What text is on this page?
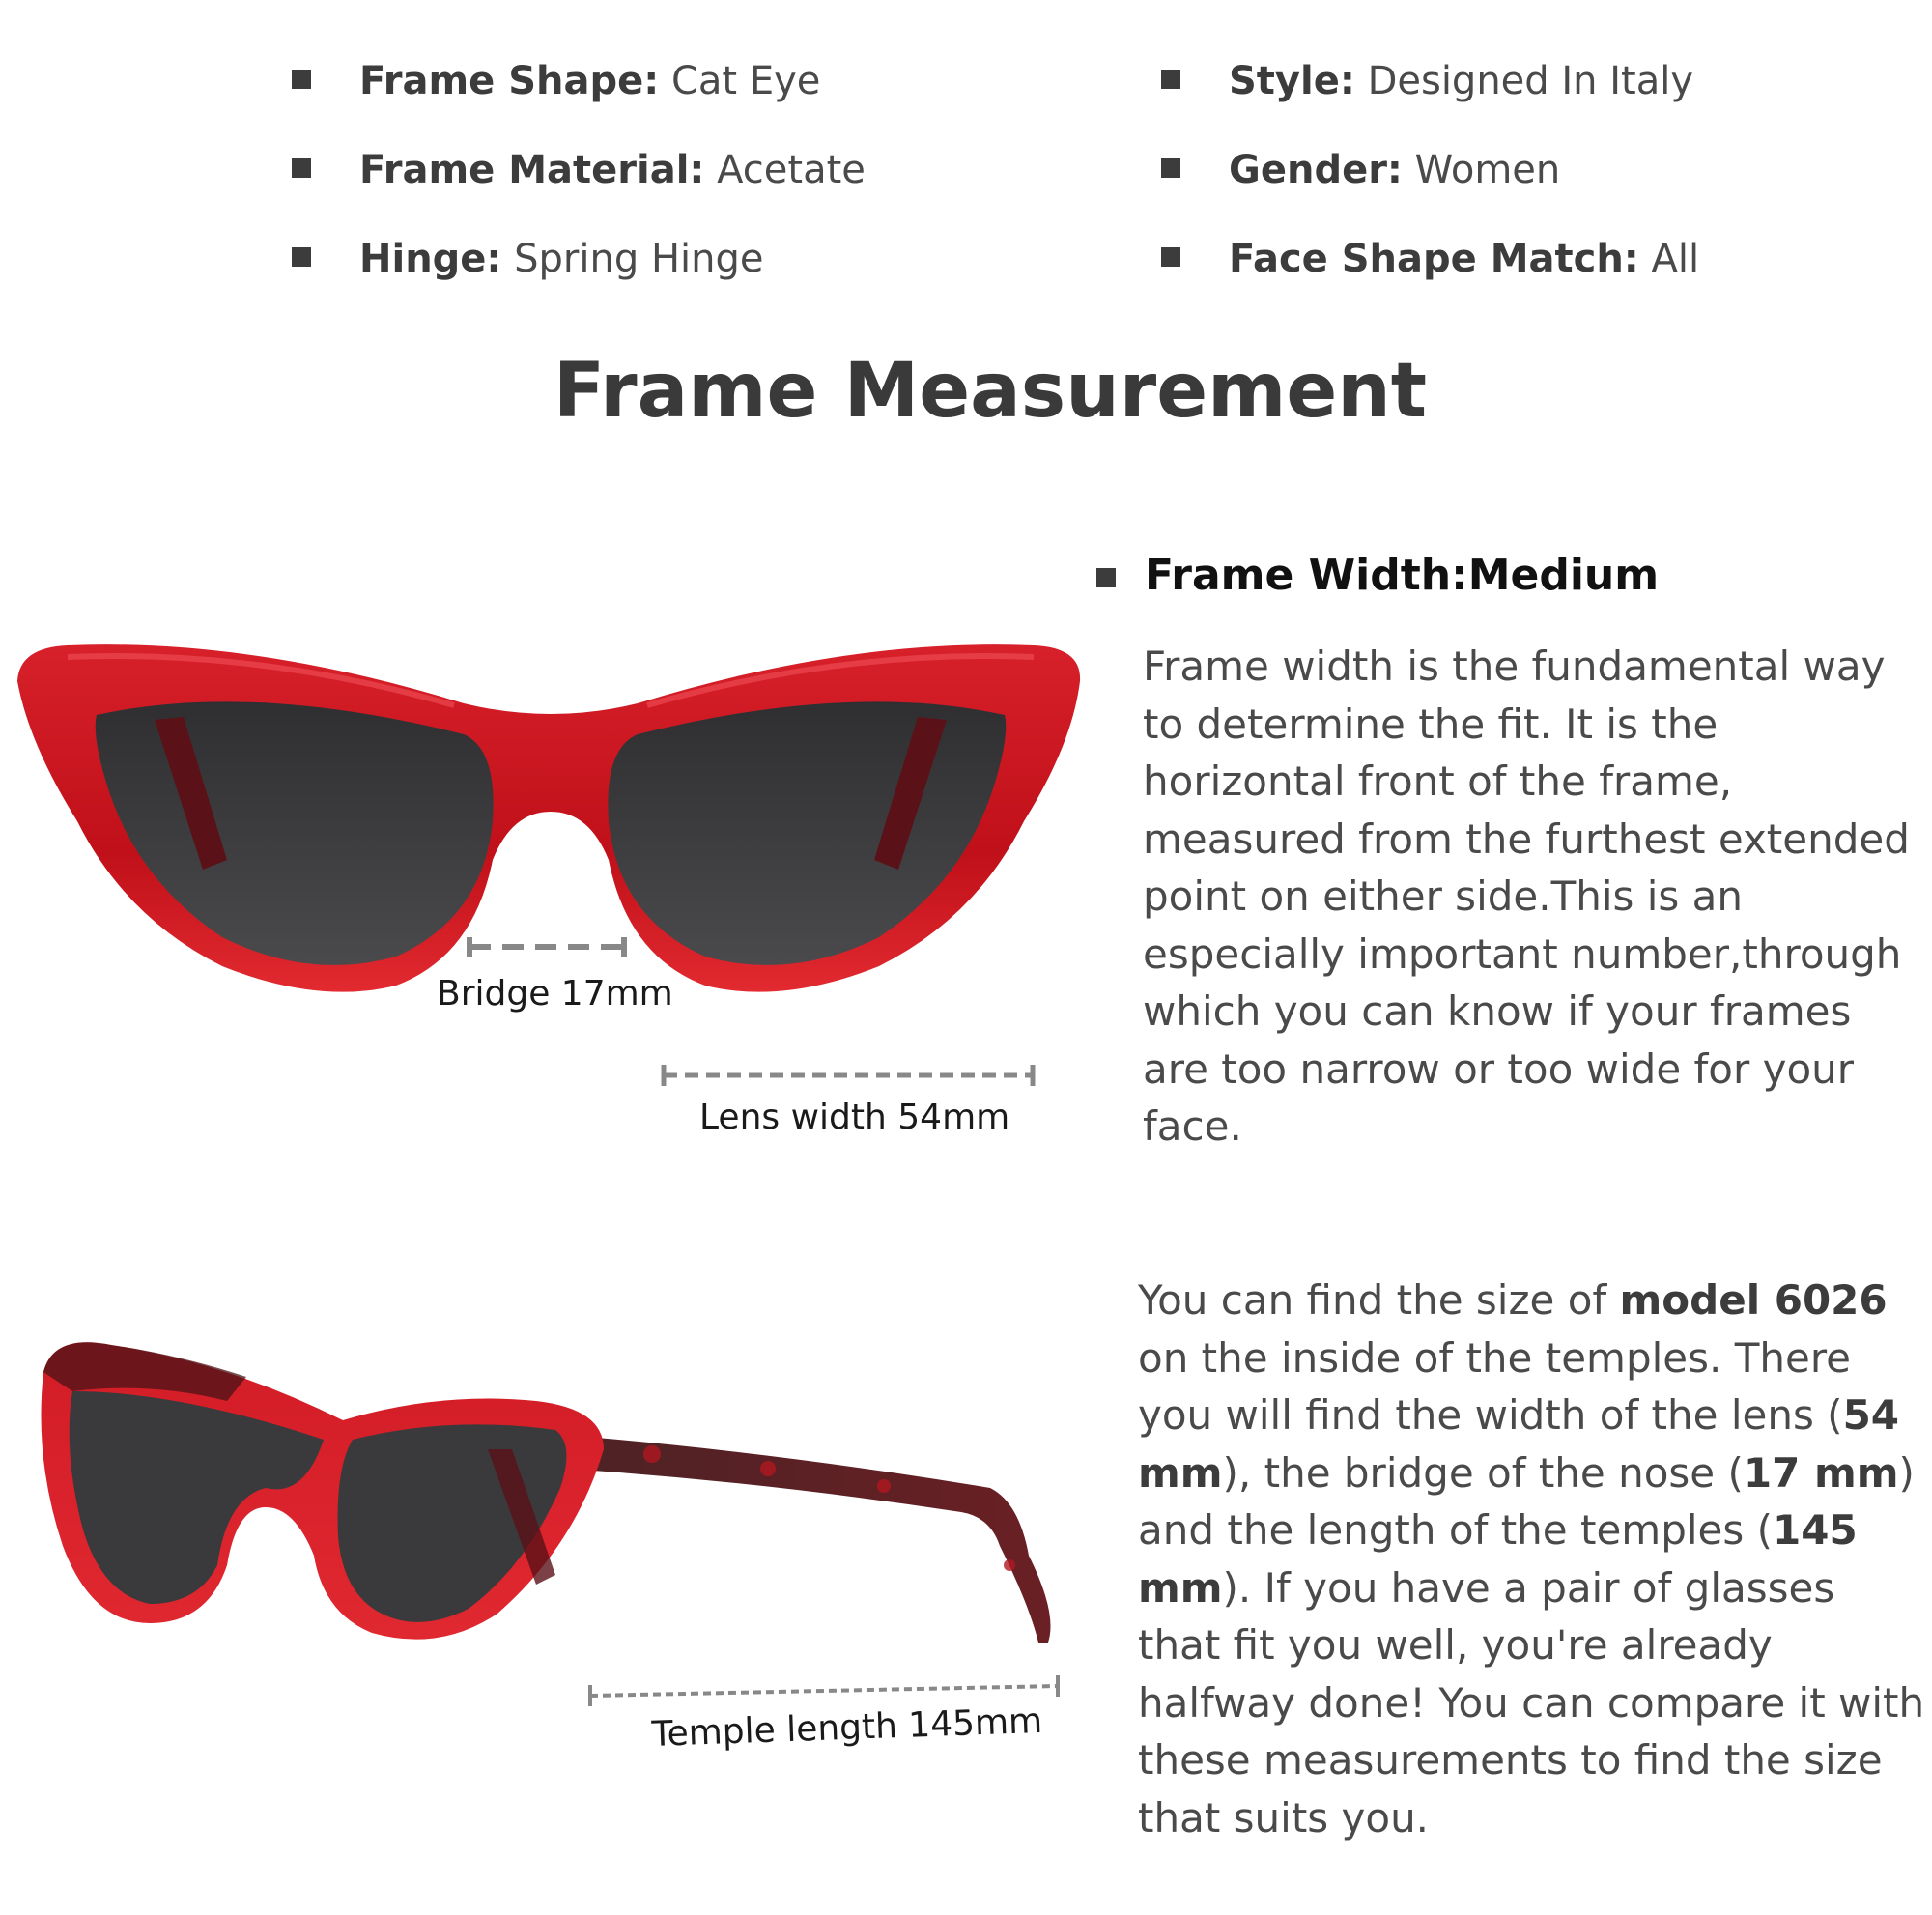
Frame Shape: Cat Eye
Frame Material: Acetate
Hinge: Spring Hinge
Style: Designed In Italy
Gender: Women
Face Shape Match: All
Frame Measurement
Bridge 17mm
Lens width 54mm
Frame Width:Medium
Frame width is the fundamental way to determine the fit. It is the horizontal front of the frame, measured from the furthest extended point on either side.This is an especially important number,through which you can know if your frames are too narrow or too wide for your face.
Temple length 145mm
You can find the size of model 6026 on the inside of the temples. There you will find the width of the lens (54 mm), the bridge of the nose (17 mm) and the length of the temples (145 mm). If you have a pair of glasses that fit you well, you're already halfway done! You can compare it with these measurements to find the size that suits you.
